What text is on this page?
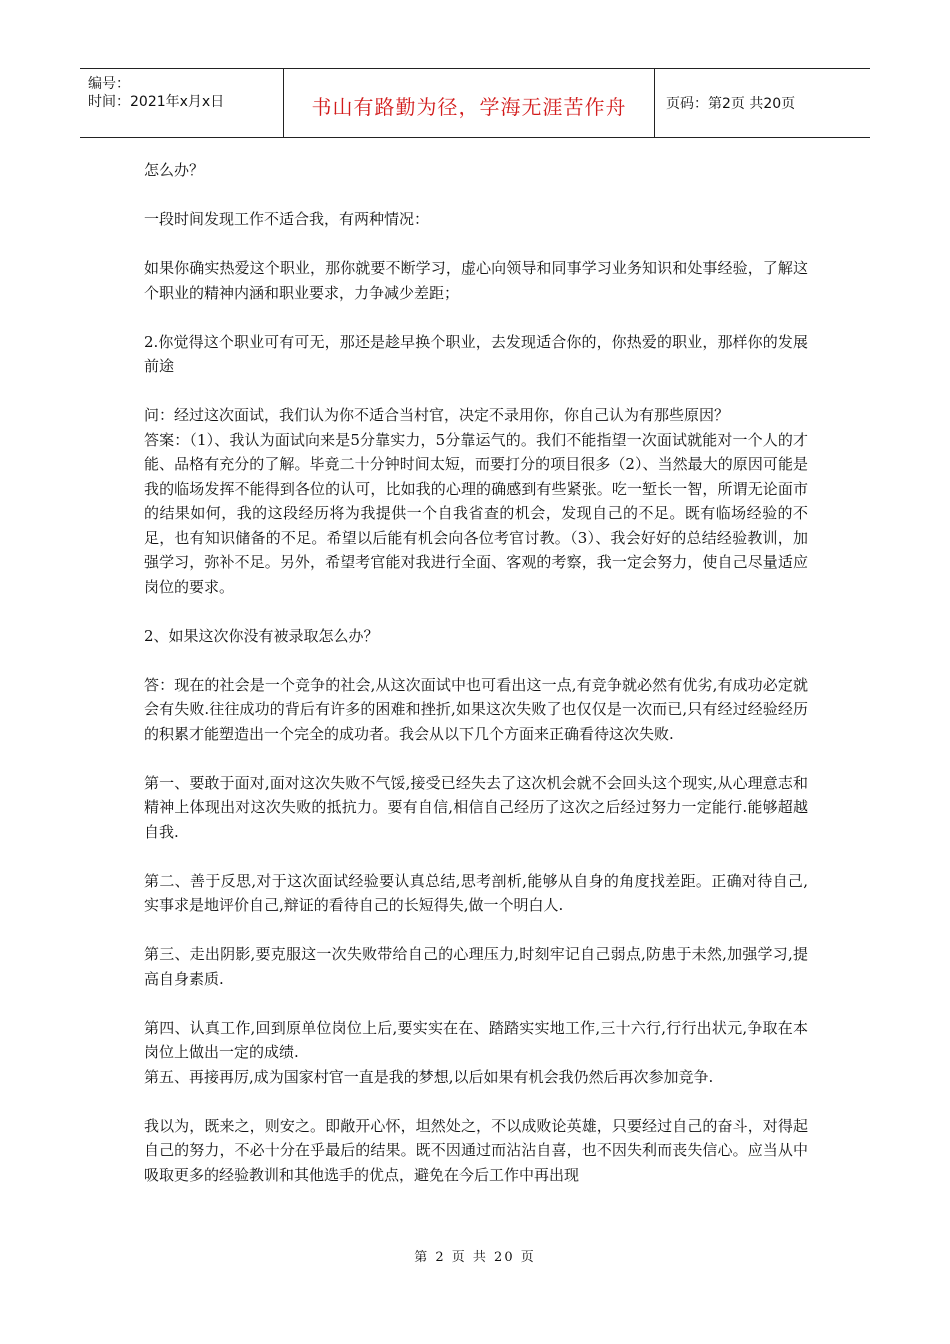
编号：
时间：2021年x月x日	书山有路勤为径，学海无涯苦作舟	页码：第2页 共20页

怎么办？

一段时间发现工作不适合我，有两种情况：

如果你确实热爱这个职业，那你就要不断学习，虚心向领导和同事学习业务知识和处事经验，了解这个职业的精神内涵和职业要求，力争减少差距；

2.你觉得这个职业可有可无，那还是趁早换个职业，去发现适合你的，你热爱的职业，那样你的发展前途

问：经过这次面试，我们认为你不适合当村官，决定不录用你，你自己认为有那些原因？

答案：（1）、我认为面试向来是5分靠实力，5分靠运气的。我们不能指望一次面试就能对一个人的才能、品格有充分的了解。毕竟二十分钟时间太短，而要打分的项目很多（2）、当然最大的原因可能是我的临场发挥不能得到各位的认可，比如我的心理的确感到有些紧张。吃一堑长一智，所谓无论面市的结果如何，我的这段经历将为我提供一个自我省查的机会，发现自己的不足。既有临场经验的不足，也有知识储备的不足。希望以后能有机会向各位考官讨教。（3）、我会好好的总结经验教训，加强学习，弥补不足。另外，希望考官能对我进行全面、客观的考察，我一定会努力，使自己尽量适应岗位的要求。

2、如果这次你没有被录取怎么办？

答：现在的社会是一个竞争的社会,从这次面试中也可看出这一点,有竞争就必然有优劣,有成功必定就会有失败.往往成功的背后有许多的困难和挫折,如果这次失败了也仅仅是一次而已,只有经过经验经历的积累才能塑造出一个完全的成功者。我会从以下几个方面来正确看待这次失败.

第一、要敢于面对,面对这次失败不气馁,接受已经失去了这次机会就不会回头这个现实,从心理意志和精神上体现出对这次失败的抵抗力。要有自信,相信自己经历了这次之后经过努力一定能行.能够超越自我.

第二、善于反思,对于这次面试经验要认真总结,思考剖析,能够从自身的角度找差距。正确对待自己,实事求是地评价自己,辩证的看待自己的长短得失,做一个明白人.

第三、走出阴影,要克服这一次失败带给自己的心理压力,时刻牢记自己弱点,防患于未然,加强学习,提高自身素质.

第四、认真工作,回到原单位岗位上后,要实实在在、踏踏实实地工作,三十六行,行行出状元,争取在本岗位上做出一定的成绩.

第五、再接再厉,成为国家村官一直是我的梦想,以后如果有机会我仍然后再次参加竞争.

我以为，既来之，则安之。即敞开心怀，坦然处之，不以成败论英雄，只要经过自己的奋斗，对得起自己的努力，不必十分在乎最后的结果。既不因通过而沾沾自喜，也不因失利而丧失信心。应当从中吸取更多的经验教训和其他选手的优点，避免在今后工作中再出现

第 2 页 共 20 页
